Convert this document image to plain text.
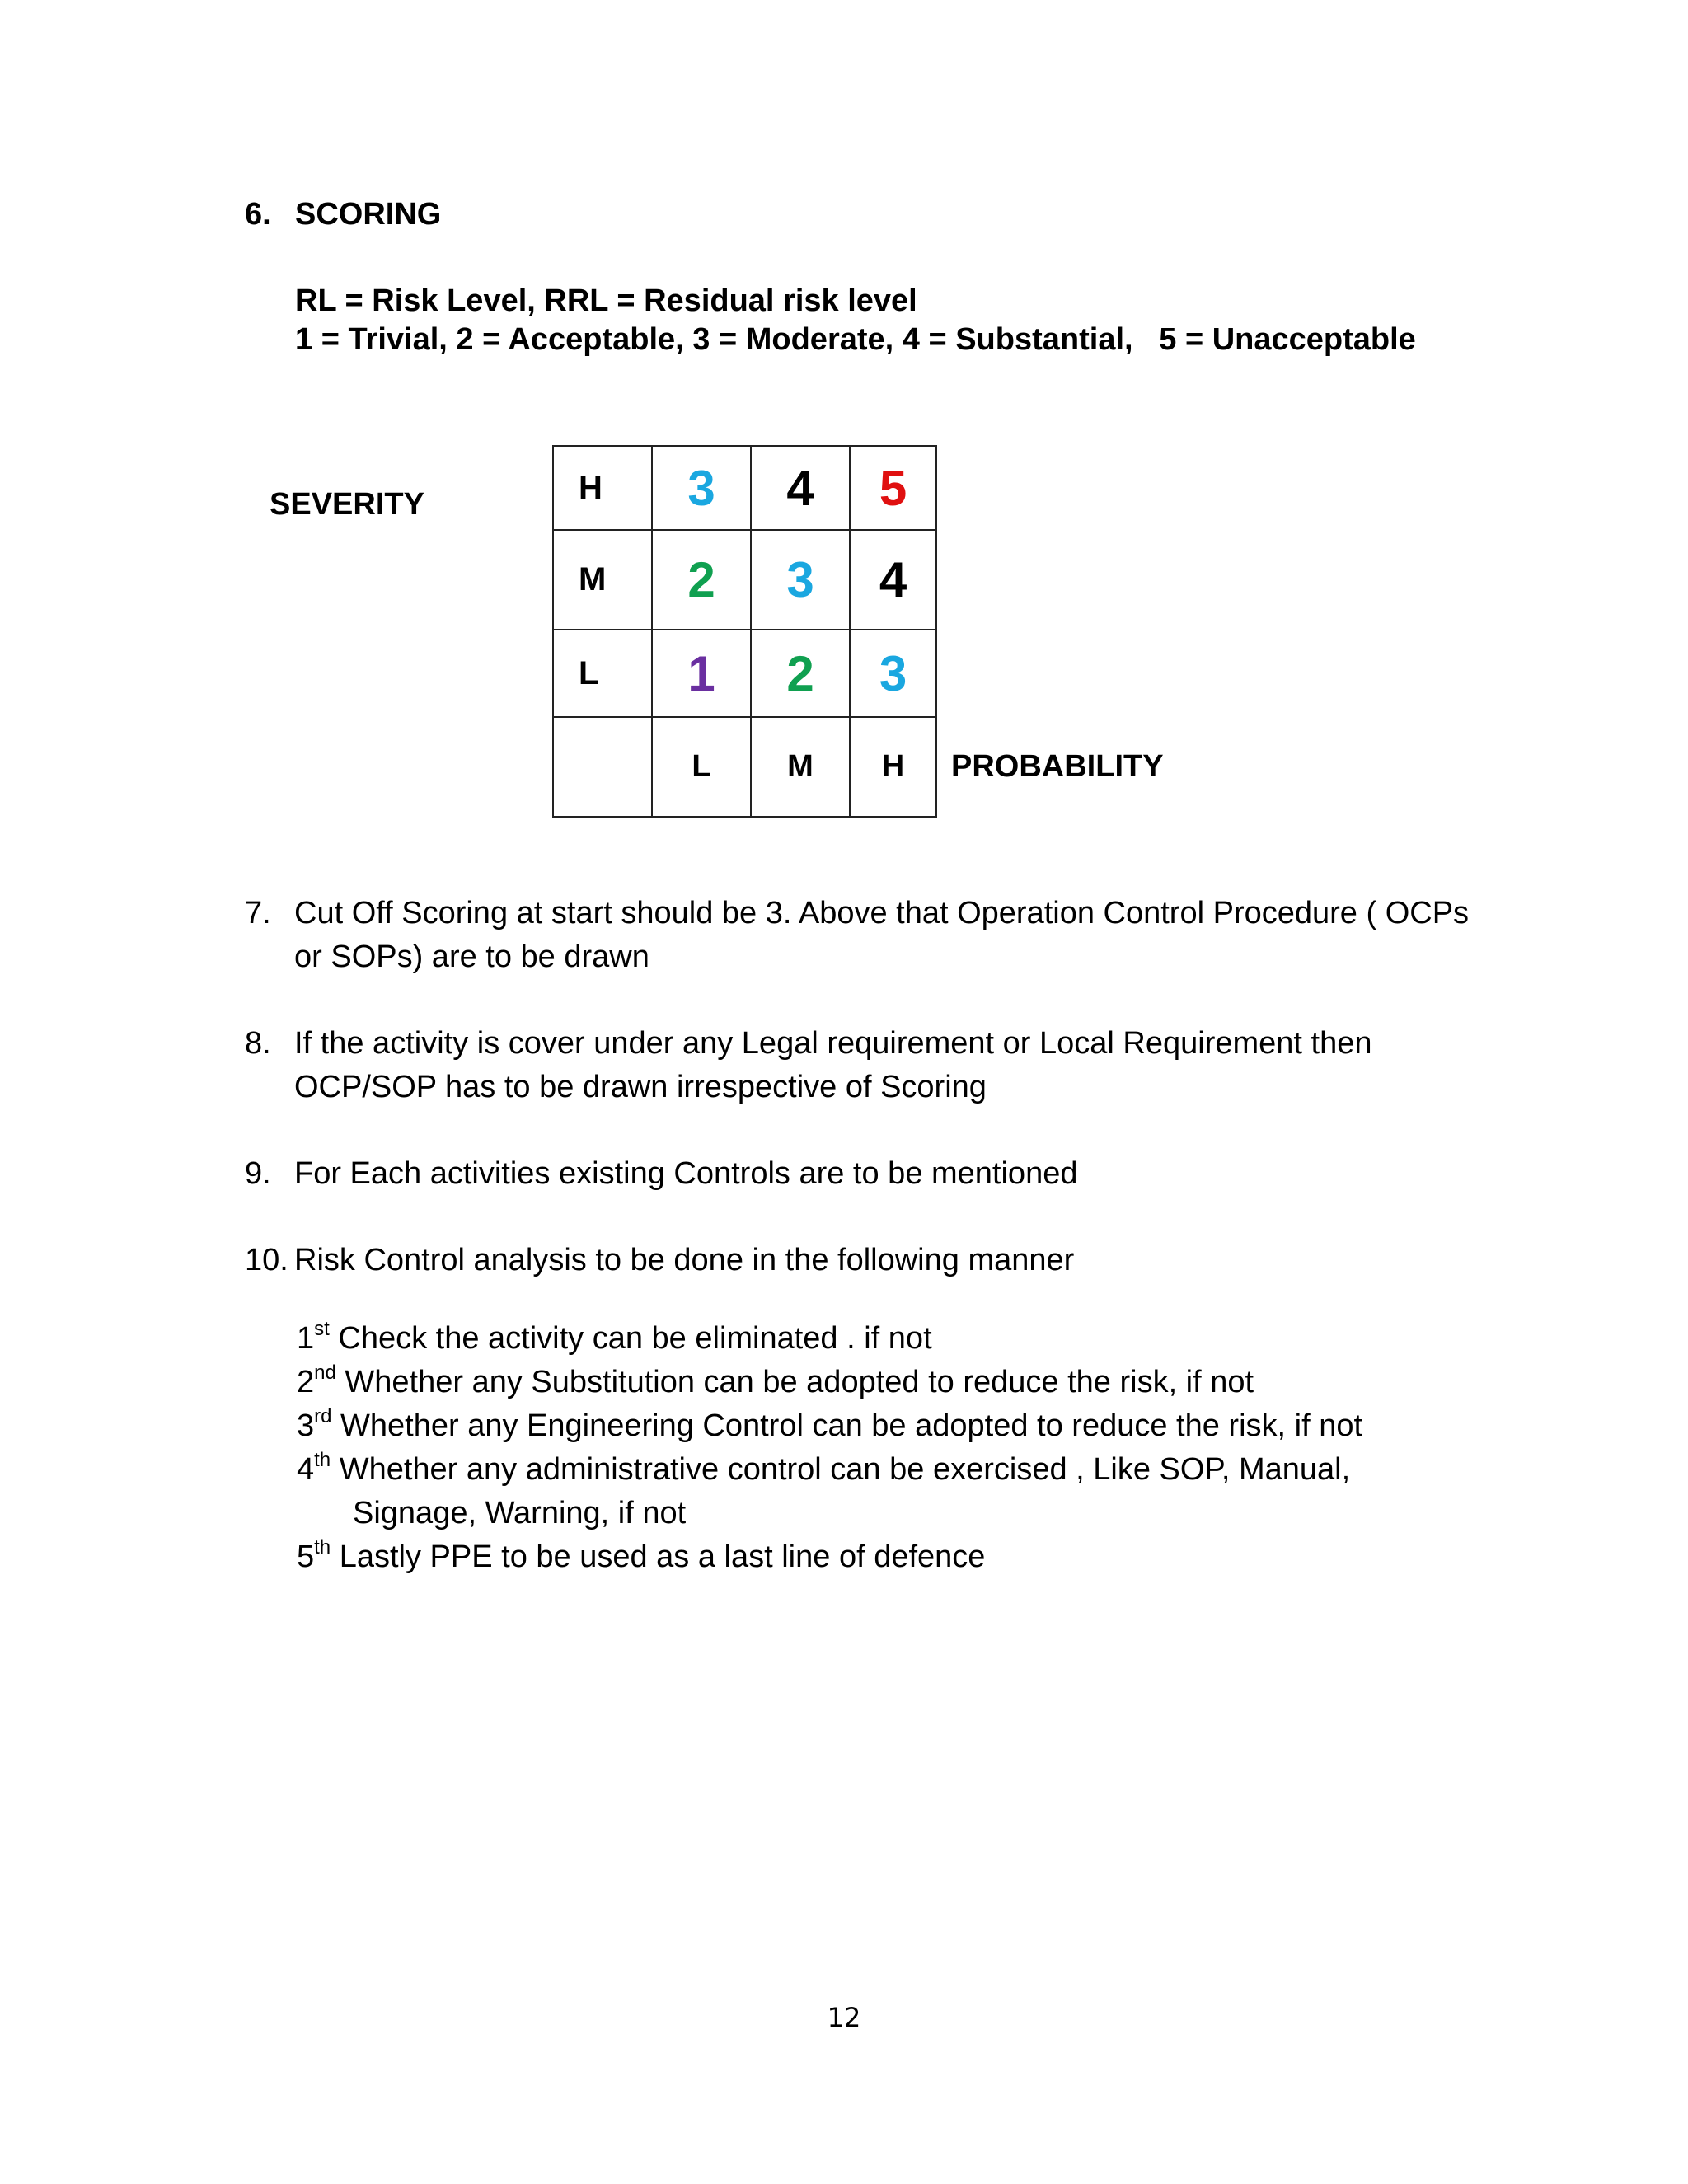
6. SCORING
RL = Risk Level, RRL = Residual risk level
1 = Trivial, 2 = Acceptable, 3 = Moderate, 4 = Substantial,   5 = Unacceptable
SEVERITY
PROBABILITY
H	3	4	5
M	2	3	4
L	1	2	3
	L	M	H
7. Cut Off Scoring at start should be 3. Above that Operation Control Procedure ( OCPs or SOPs) are to be drawn
8. If the activity is cover under any Legal requirement or Local Requirement then OCP/SOP has to be drawn irrespective of Scoring
9. For Each activities existing Controls are to be mentioned
10. Risk Control analysis to be done in the following manner
1st Check the activity can be eliminated . if not
2nd Whether any Substitution can be adopted to reduce the risk, if not
3rd Whether any Engineering Control can be adopted to reduce the risk, if not
4th Whether any administrative control can be exercised , Like SOP, Manual,
Signage, Warning, if not
5th Lastly PPE to be used as a last line of defence
12
